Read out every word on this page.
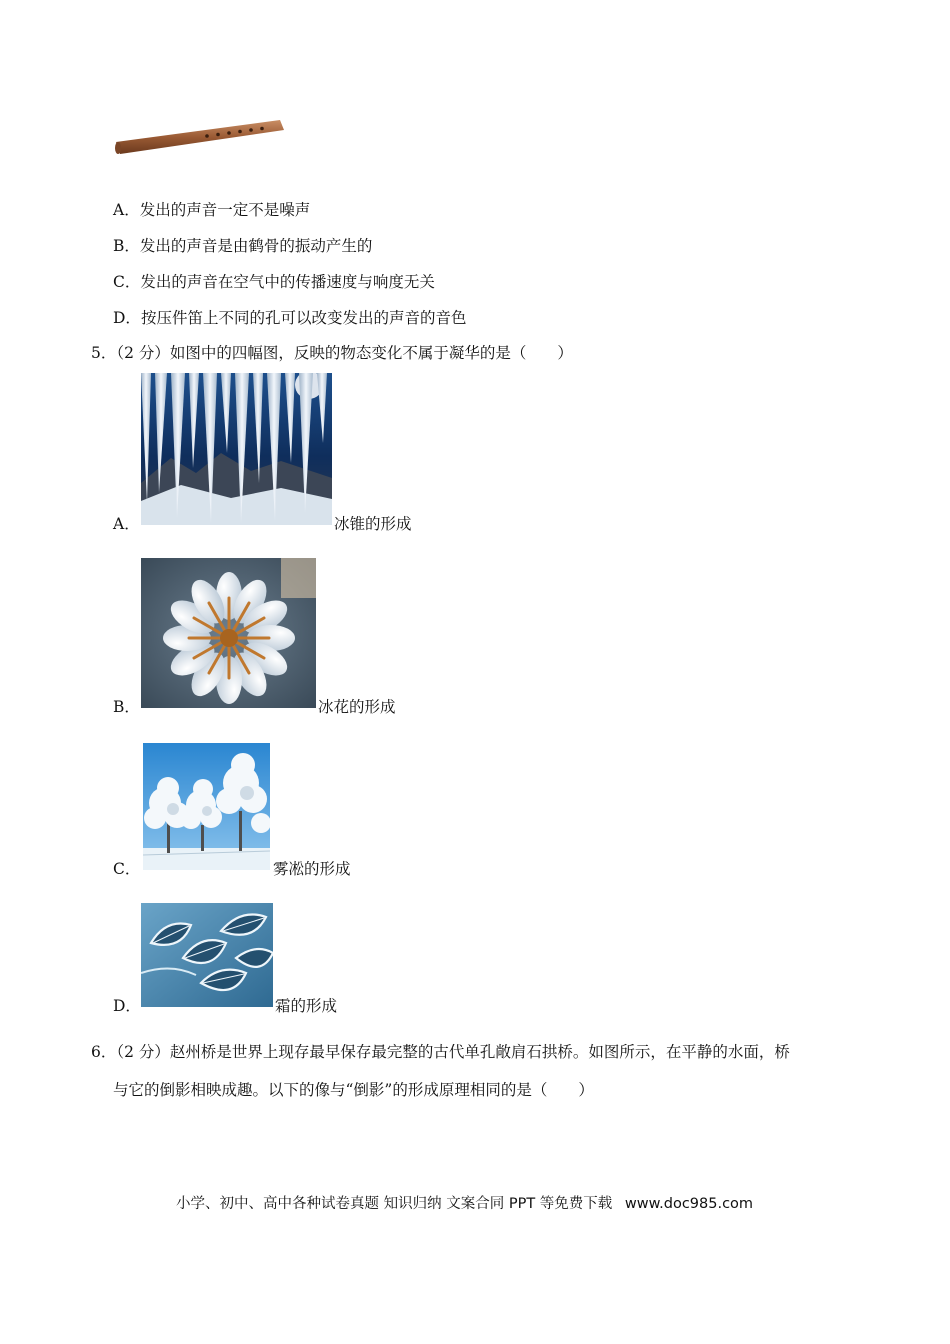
A．发出的声音一定不是噪声
B．发出的声音是由鹤骨的振动产生的
C．发出的声音在空气中的传播速度与响度无关
D．按压件笛上不同的孔可以改变发出的声音的音色
5．（2 分）如图中的四幅图，反映的物态变化不属于凝华的是（　　）
A．	冰锥的形成
B．	冰花的形成
C．	雾凇的形成
D．	霜的形成
6．（2 分）赵州桥是世界上现存最早保存最完整的古代单孔敞肩石拱桥。如图所示，在平静的水面，桥
与它的倒影相映成趣。以下的像与“倒影”的形成原理相同的是（　　）
小学、初中、高中各种试卷真题 知识归纳 文案合同 PPT 等免费下载 www.doc985.com
